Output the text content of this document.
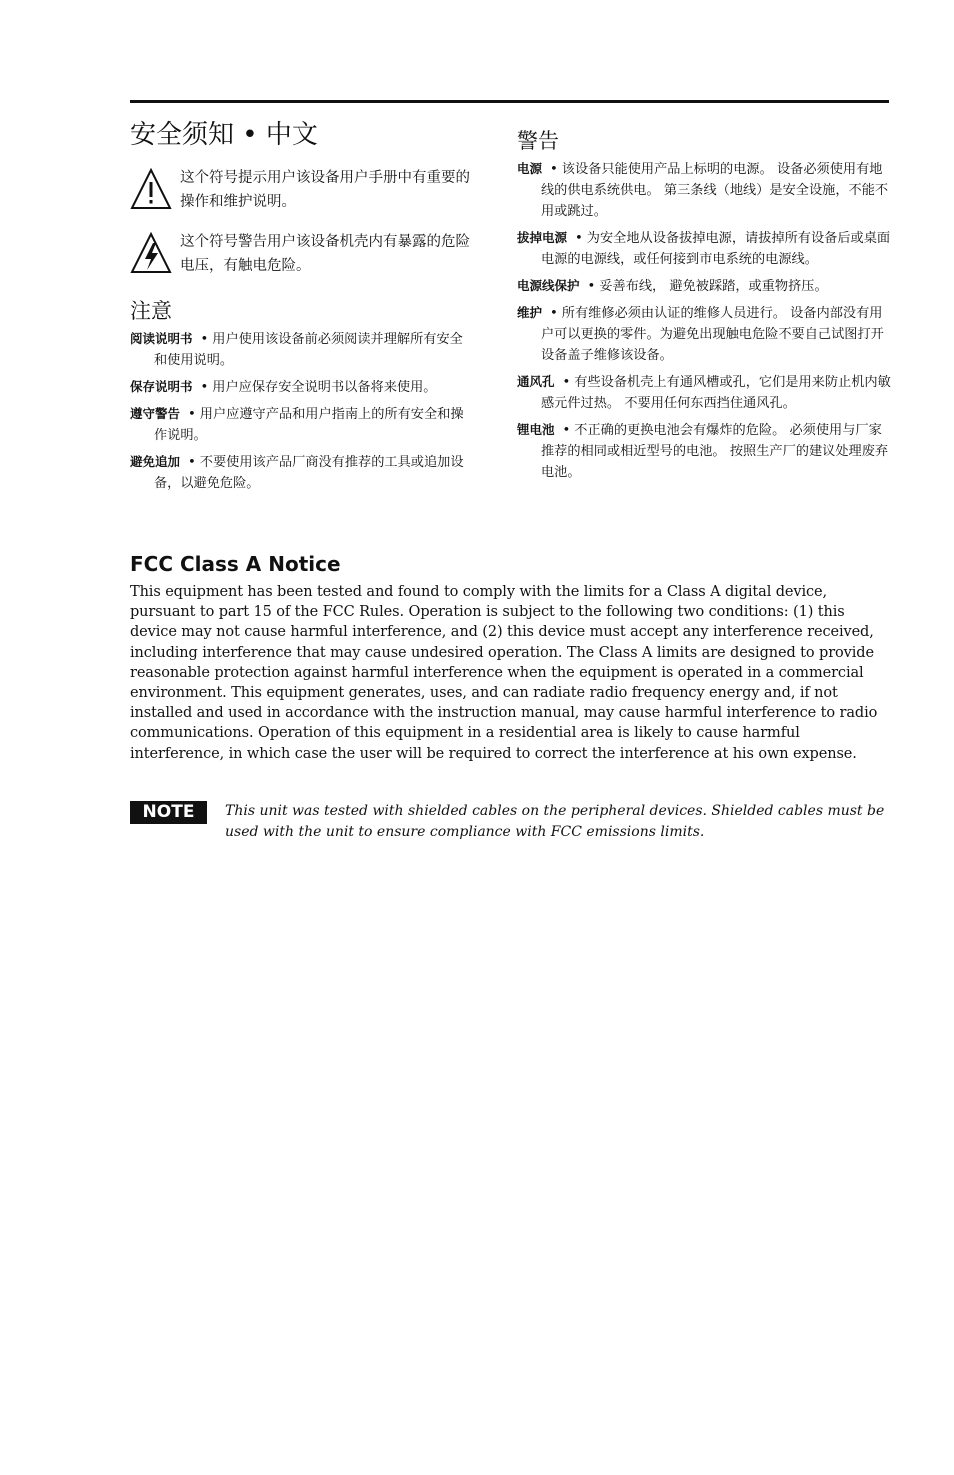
安全须知 • 中文
这个符号提示用户该设备用户手册中有重要的操作和维护说明。
这个符号警告用户该设备机壳内有暴露的危险电压，有触电危险。
注意
阅读说明书 • 用户使用该设备前必须阅读并理解所有安全和使用说明。
保存说明书 • 用户应保存安全说明书以备将来使用。
遵守警告 • 用户应遵守产品和用户指南上的所有安全和操作说明。
避免追加 • 不要使用该产品厂商没有推荐的工具或追加设备，以避免危险。
警告
电源 • 该设备只能使用产品上标明的电源。 设备必须使用有地线的供电系统供电。 第三条线（地线）是安全设施，不能不用或跳过。
拔掉电源 • 为安全地从设备拔掉电源，请拔掉所有设备后或桌面电源的电源线，或任何接到市电系统的电源线。
电源线保护 • 妥善布线， 避免被踩踏，或重物挤压。
维护 • 所有维修必须由认证的维修人员进行。 设备内部没有用户可以更换的零件。为避免出现触电危险不要自己试图打开设备盖子维修该设备。
通风孔 • 有些设备机壳上有通风槽或孔，它们是用来防止机内敏感元件过热。 不要用任何东西挡住通风孔。
锂电池 • 不正确的更换电池会有爆炸的危险。 必须使用与厂家推荐的相同或相近型号的电池。 按照生产厂的建议处理废弃电池。
FCC Class A Notice

This equipment has been tested and found to comply with the limits for a Class A digital device, pursuant to part 15 of the FCC Rules. Operation is subject to the following two conditions: (1) this device may not cause harmful interference, and (2) this device must accept any interference received, including interference that may cause undesired operation. The Class A limits are designed to provide reasonable protection against harmful interference when the equipment is operated in a commercial environment. This equipment generates, uses, and can radiate radio frequency energy and, if not installed and used in accordance with the instruction manual, may cause harmful interference to radio communications. Operation of this equipment in a residential area is likely to cause harmful interference, in which case the user will be required to correct the interference at his own expense.

NOTE	This unit was tested with shielded cables on the peripheral devices. Shielded cables must be used with the unit to ensure compliance with FCC emissions limits.
